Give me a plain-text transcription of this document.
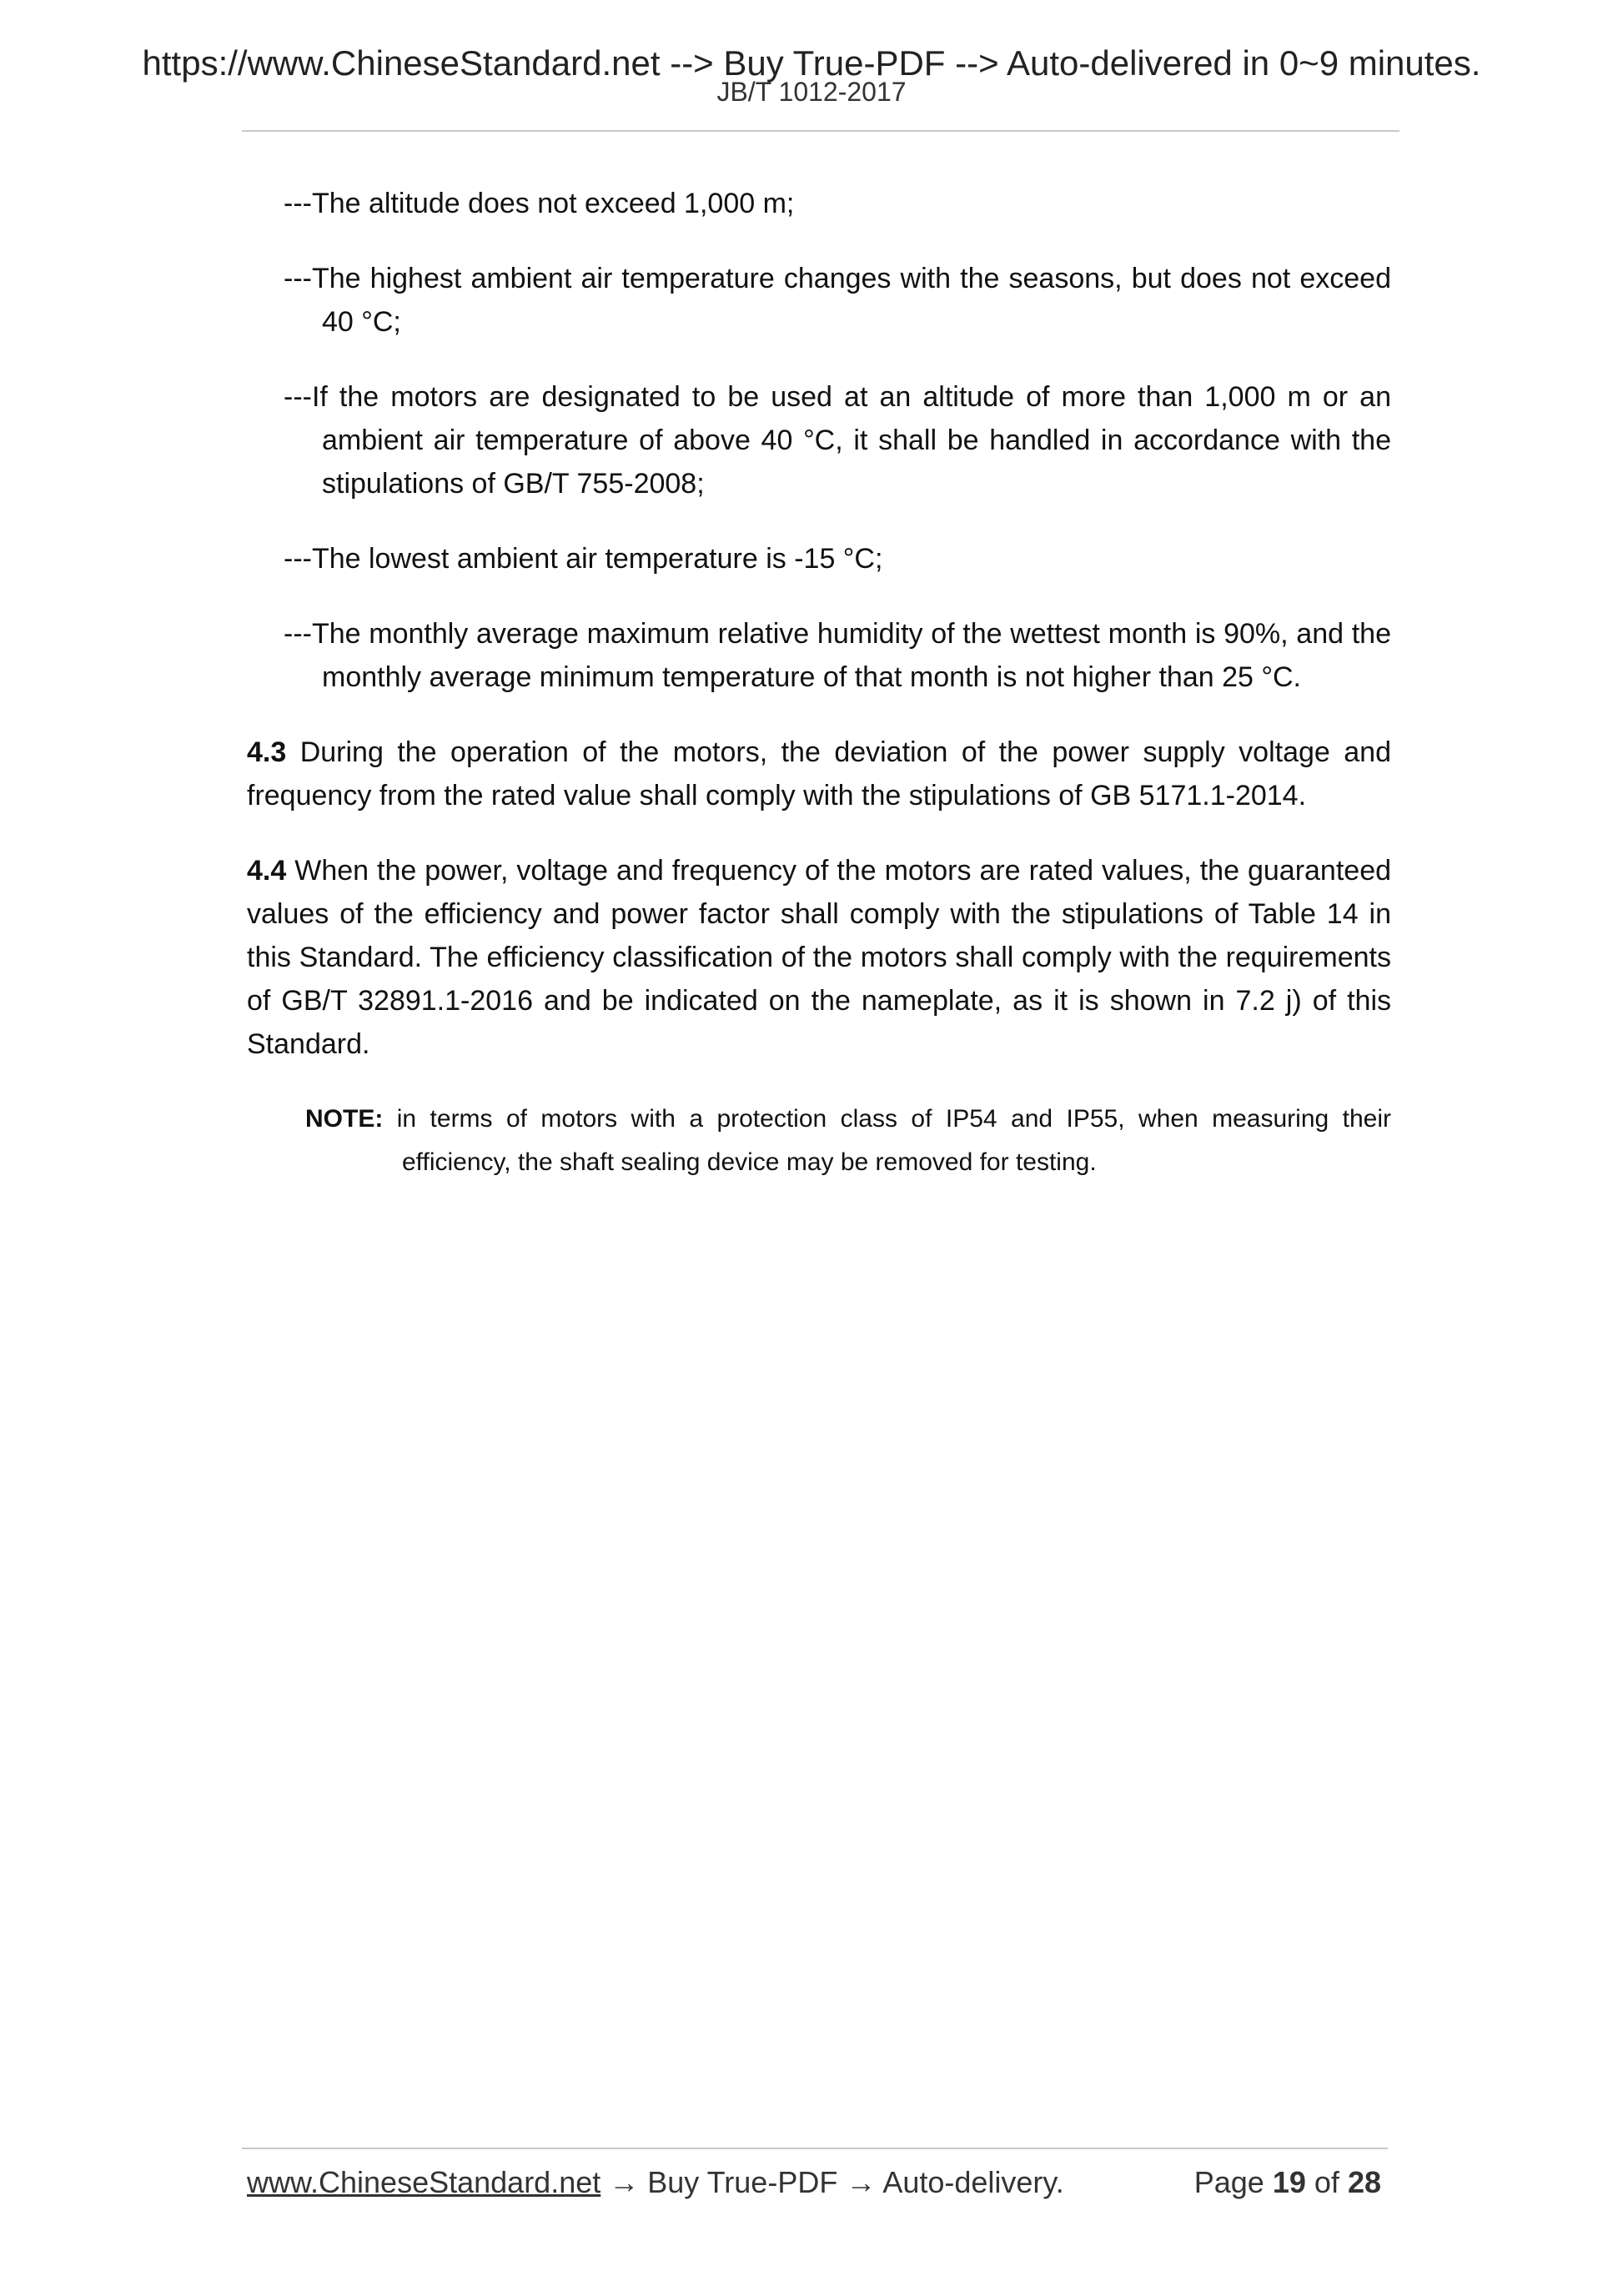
https://www.ChineseStandard.net --> Buy True-PDF --> Auto-delivered in 0~9 minutes.
JB/T 1012-2017

---The altitude does not exceed 1,000 m;

---The highest ambient air temperature changes with the seasons, but does not exceed 40 °C;

---If the motors are designated to be used at an altitude of more than 1,000 m or an ambient air temperature of above 40 °C, it shall be handled in accordance with the stipulations of GB/T 755-2008;

---The lowest ambient air temperature is -15 °C;

---The monthly average maximum relative humidity of the wettest month is 90%, and the monthly average minimum temperature of that month is not higher than 25 °C.

4.3 During the operation of the motors, the deviation of the power supply voltage and frequency from the rated value shall comply with the stipulations of GB 5171.1-2014.

4.4 When the power, voltage and frequency of the motors are rated values, the guaranteed values of the efficiency and power factor shall comply with the stipulations of Table 14 in this Standard. The efficiency classification of the motors shall comply with the requirements of GB/T 32891.1-2016 and be indicated on the nameplate, as it is shown in 7.2 j) of this Standard.

NOTE: in terms of motors with a protection class of IP54 and IP55, when measuring their efficiency, the shaft sealing device may be removed for testing.

www.ChineseStandard.net → Buy True-PDF → Auto-delivery.	Page 19 of 28
